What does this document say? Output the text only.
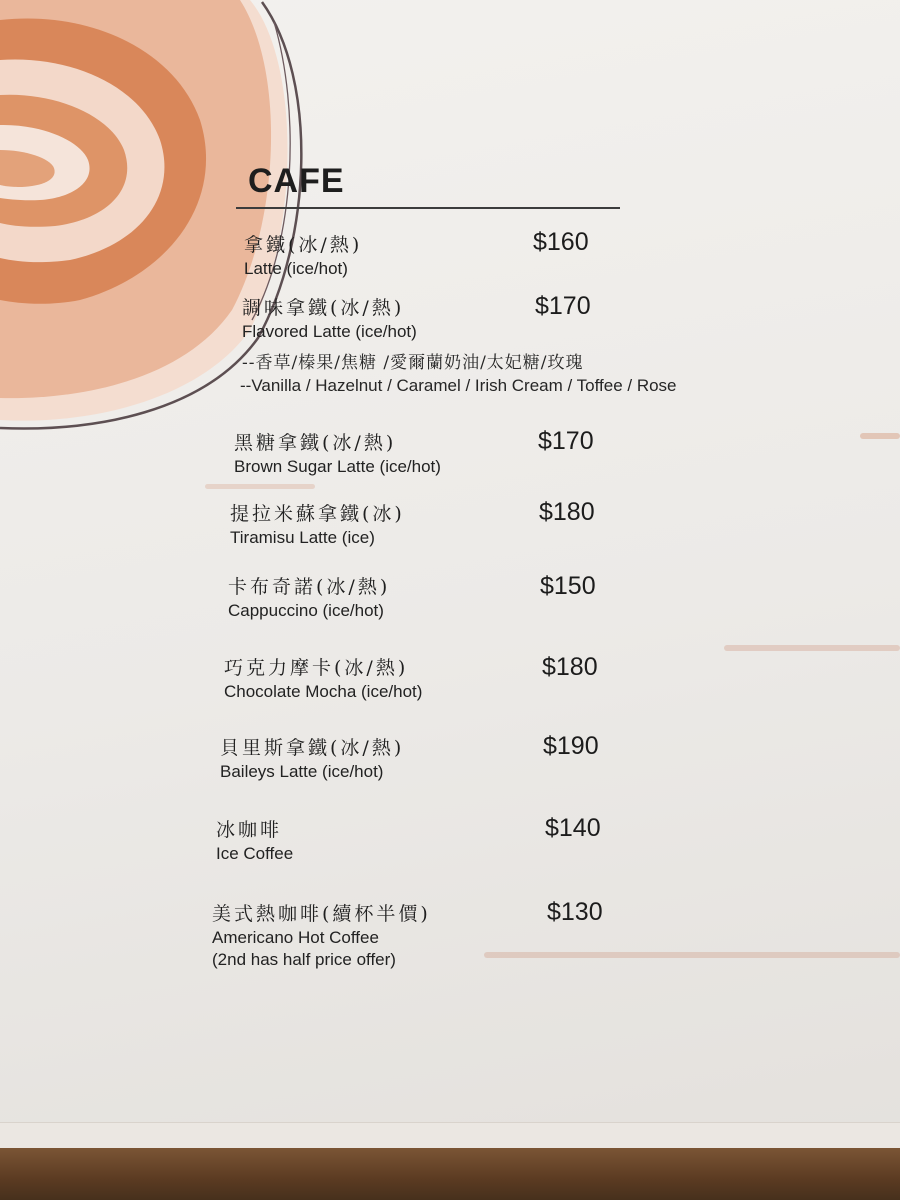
CAFE
拿鐵(冰/熱)
Latte (ice/hot)
$160
調味拿鐵(冰/熱)
Flavored Latte (ice/hot)
$170
--香草/榛果/焦糖 /愛爾蘭奶油/太妃糖/玫瑰
--Vanilla / Hazelnut / Caramel / Irish Cream / Toffee / Rose
黑糖拿鐵(冰/熱)
Brown Sugar Latte (ice/hot)
$170
提拉米蘇拿鐵(冰)
Tiramisu Latte (ice)
$180
卡布奇諾(冰/熱)
Cappuccino (ice/hot)
$150
巧克力摩卡(冰/熱)
Chocolate Mocha (ice/hot)
$180
貝里斯拿鐵(冰/熱)
Baileys Latte (ice/hot)
$190
冰咖啡
Ice Coffee
$140
美式熱咖啡(續杯半價)
Americano Hot Coffee
(2nd has half price offer)
$130
